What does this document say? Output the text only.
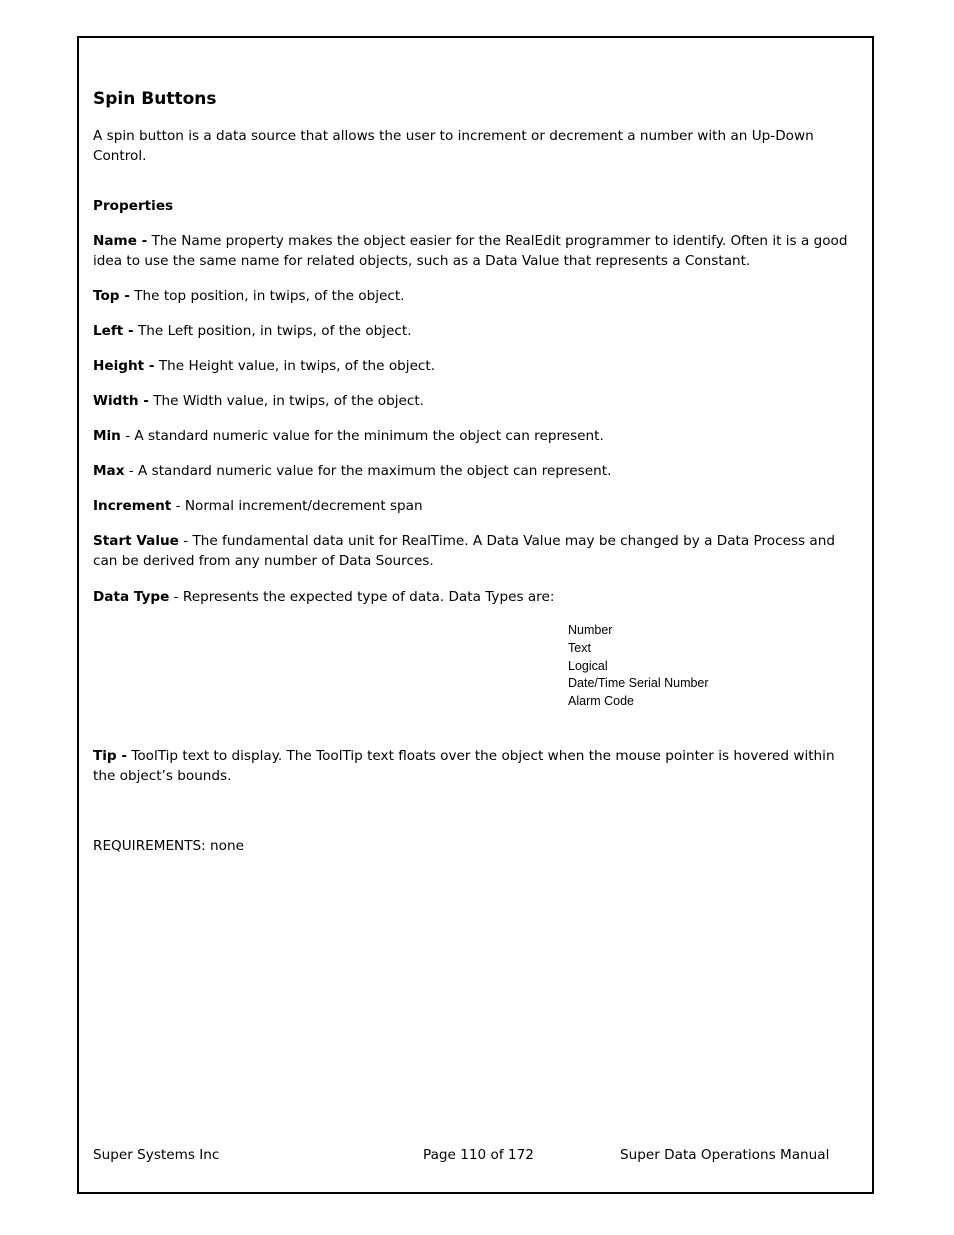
Spin Buttons

A spin button is a data source that allows the user to increment or decrement a number with an Up-Down Control.

Properties

Name - The Name property makes the object easier for the RealEdit programmer to identify. Often it is a good idea to use the same name for related objects, such as a Data Value that represents a Constant.

Top - The top position, in twips, of the object.

Left - The Left position, in twips, of the object.

Height - The Height value, in twips, of the object.

Width - The Width value, in twips, of the object.

Min - A standard numeric value for the minimum the object can represent.

Max - A standard numeric value for the maximum the object can represent.

Increment - Normal increment/decrement span

Start Value - The fundamental data unit for RealTime. A Data Value may be changed by a Data Process and can be derived from any number of Data Sources.

Data Type - Represents the expected type of data. Data Types are:

Number
Text
Logical
Date/Time Serial Number
Alarm Code

Tip - ToolTip text to display. The ToolTip text floats over the object when the mouse pointer is hovered within the object’s bounds.

REQUIREMENTS: none

Super Systems Inc	Page 110 of 172	Super Data Operations Manual
